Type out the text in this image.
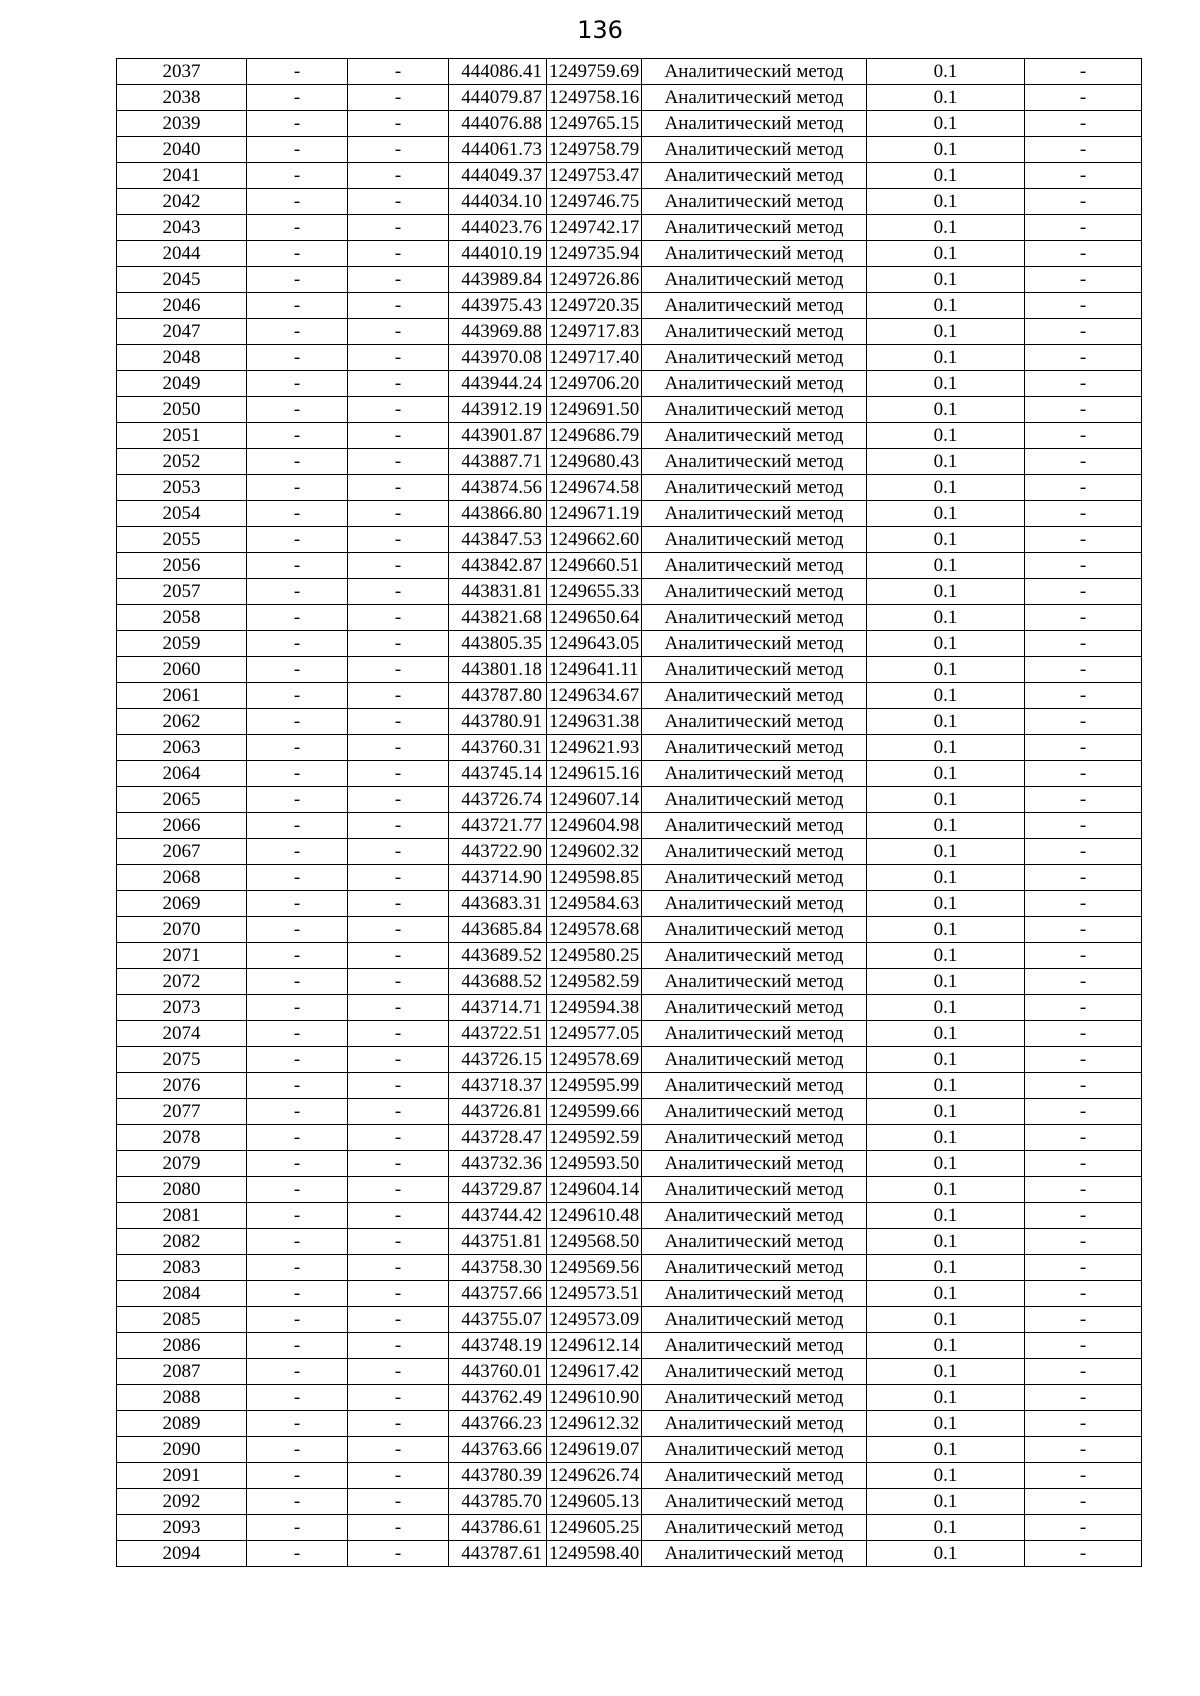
136
2037	-	-	444086.41	1249759.69	Аналитический метод	0.1	-
2038	-	-	444079.87	1249758.16	Аналитический метод	0.1	-
2039	-	-	444076.88	1249765.15	Аналитический метод	0.1	-
2040	-	-	444061.73	1249758.79	Аналитический метод	0.1	-
2041	-	-	444049.37	1249753.47	Аналитический метод	0.1	-
2042	-	-	444034.10	1249746.75	Аналитический метод	0.1	-
2043	-	-	444023.76	1249742.17	Аналитический метод	0.1	-
2044	-	-	444010.19	1249735.94	Аналитический метод	0.1	-
2045	-	-	443989.84	1249726.86	Аналитический метод	0.1	-
2046	-	-	443975.43	1249720.35	Аналитический метод	0.1	-
2047	-	-	443969.88	1249717.83	Аналитический метод	0.1	-
2048	-	-	443970.08	1249717.40	Аналитический метод	0.1	-
2049	-	-	443944.24	1249706.20	Аналитический метод	0.1	-
2050	-	-	443912.19	1249691.50	Аналитический метод	0.1	-
2051	-	-	443901.87	1249686.79	Аналитический метод	0.1	-
2052	-	-	443887.71	1249680.43	Аналитический метод	0.1	-
2053	-	-	443874.56	1249674.58	Аналитический метод	0.1	-
2054	-	-	443866.80	1249671.19	Аналитический метод	0.1	-
2055	-	-	443847.53	1249662.60	Аналитический метод	0.1	-
2056	-	-	443842.87	1249660.51	Аналитический метод	0.1	-
2057	-	-	443831.81	1249655.33	Аналитический метод	0.1	-
2058	-	-	443821.68	1249650.64	Аналитический метод	0.1	-
2059	-	-	443805.35	1249643.05	Аналитический метод	0.1	-
2060	-	-	443801.18	1249641.11	Аналитический метод	0.1	-
2061	-	-	443787.80	1249634.67	Аналитический метод	0.1	-
2062	-	-	443780.91	1249631.38	Аналитический метод	0.1	-
2063	-	-	443760.31	1249621.93	Аналитический метод	0.1	-
2064	-	-	443745.14	1249615.16	Аналитический метод	0.1	-
2065	-	-	443726.74	1249607.14	Аналитический метод	0.1	-
2066	-	-	443721.77	1249604.98	Аналитический метод	0.1	-
2067	-	-	443722.90	1249602.32	Аналитический метод	0.1	-
2068	-	-	443714.90	1249598.85	Аналитический метод	0.1	-
2069	-	-	443683.31	1249584.63	Аналитический метод	0.1	-
2070	-	-	443685.84	1249578.68	Аналитический метод	0.1	-
2071	-	-	443689.52	1249580.25	Аналитический метод	0.1	-
2072	-	-	443688.52	1249582.59	Аналитический метод	0.1	-
2073	-	-	443714.71	1249594.38	Аналитический метод	0.1	-
2074	-	-	443722.51	1249577.05	Аналитический метод	0.1	-
2075	-	-	443726.15	1249578.69	Аналитический метод	0.1	-
2076	-	-	443718.37	1249595.99	Аналитический метод	0.1	-
2077	-	-	443726.81	1249599.66	Аналитический метод	0.1	-
2078	-	-	443728.47	1249592.59	Аналитический метод	0.1	-
2079	-	-	443732.36	1249593.50	Аналитический метод	0.1	-
2080	-	-	443729.87	1249604.14	Аналитический метод	0.1	-
2081	-	-	443744.42	1249610.48	Аналитический метод	0.1	-
2082	-	-	443751.81	1249568.50	Аналитический метод	0.1	-
2083	-	-	443758.30	1249569.56	Аналитический метод	0.1	-
2084	-	-	443757.66	1249573.51	Аналитический метод	0.1	-
2085	-	-	443755.07	1249573.09	Аналитический метод	0.1	-
2086	-	-	443748.19	1249612.14	Аналитический метод	0.1	-
2087	-	-	443760.01	1249617.42	Аналитический метод	0.1	-
2088	-	-	443762.49	1249610.90	Аналитический метод	0.1	-
2089	-	-	443766.23	1249612.32	Аналитический метод	0.1	-
2090	-	-	443763.66	1249619.07	Аналитический метод	0.1	-
2091	-	-	443780.39	1249626.74	Аналитический метод	0.1	-
2092	-	-	443785.70	1249605.13	Аналитический метод	0.1	-
2093	-	-	443786.61	1249605.25	Аналитический метод	0.1	-
2094	-	-	443787.61	1249598.40	Аналитический метод	0.1	-
